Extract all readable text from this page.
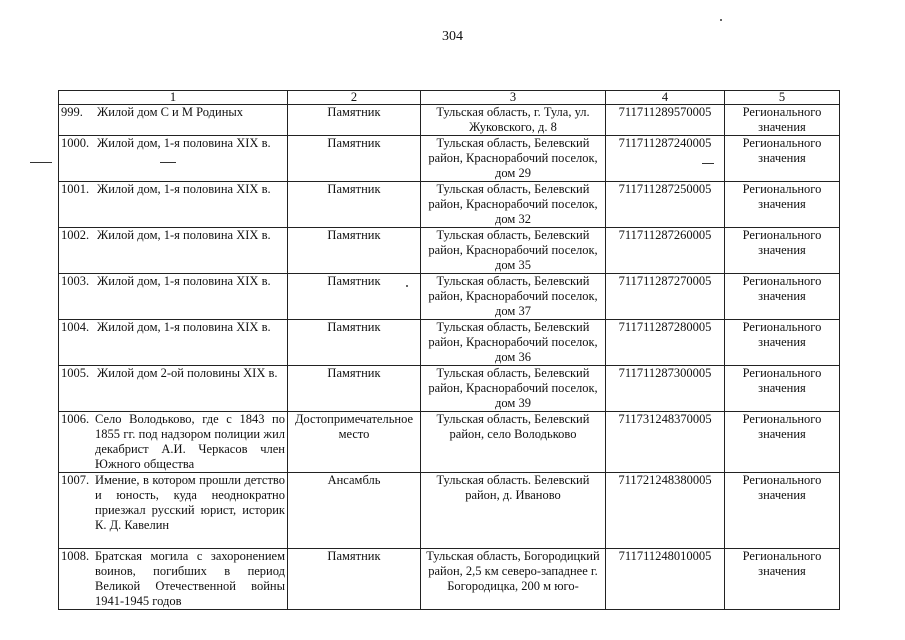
304
1	2	3	4	5
999. Жилой дом С и М Родиных	Памятник	Тульская область, г. Тула, ул. Жуковского, д. 8	711711289570005	Регионального значения
1000. Жилой дом, 1-я половина XIX в.	Памятник	Тульская область, Белевский район, Краснорабочий поселок, дом 29	711711287240005	Регионального значения
1001. Жилой дом, 1-я половина XIX в.	Памятник	Тульская область, Белевский район, Краснорабочий поселок, дом 32	711711287250005	Регионального значения
1002. Жилой дом, 1-я половина XIX в.	Памятник	Тульская область, Белевский район, Краснорабочий поселок, дом 35	711711287260005	Регионального значения
1003. Жилой дом, 1-я половина XIX в.	Памятник	Тульская область, Белевский район, Краснорабочий поселок, дом 37	711711287270005	Регионального значения
1004. Жилой дом, 1-я половина XIX в.	Памятник	Тульская область, Белевский район, Краснорабочий поселок, дом 36	711711287280005	Регионального значения
1005. Жилой дом 2-ой половины XIX в.	Памятник	Тульская область, Белевский район, Краснорабочий поселок, дом 39	711711287300005	Регионального значения

1006. Село Володьково, где с 1843 по 1855 гг. под надзором полиции жил декабрист А.И. Черкасов член Южного общества	Достопримечательное место	Тульская область, Белевский район, село Володьково	711731248370005	Регионального значения

1007. Имение, в котором прошли детство и юность, куда неоднократно приезжал русский юрист, историк К. Д. Кавелин	Ансамбль	Тульская область. Белевский район, д. Иваново	711721248380005	Регионального значения

1008. Братская могила с захоронением воинов, погибших в период Великой Отечественной войны 1941-1945 годов	Памятник	Тульская область, Богородицкий район, 2,5 км северо-западнее г. Богородицка, 200 м юго-	711711248010005	Регионального значения
